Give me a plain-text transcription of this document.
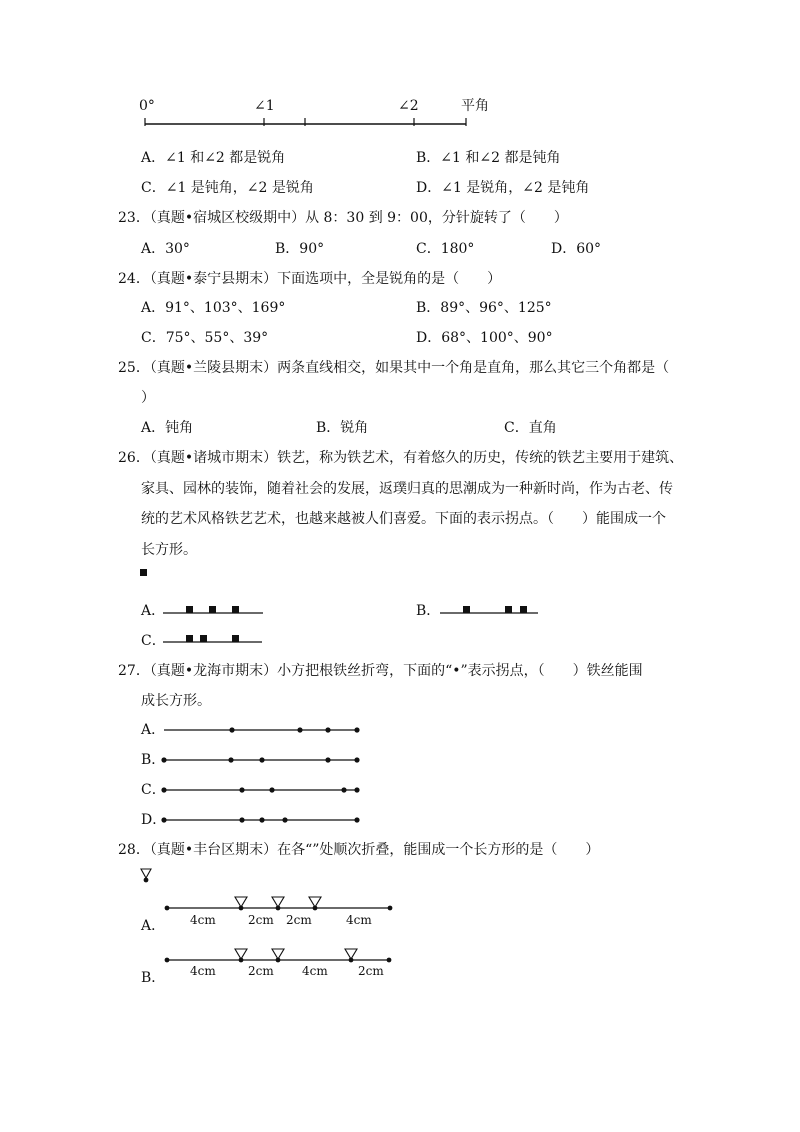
0°	∠1	∠2	平角
A．∠1 和∠2 都是锐角	B．∠1 和∠2 都是钝角
C．∠1 是钝角，∠2 是锐角	D．∠1 是锐角，∠2 是钝角
23．（真题•宿城区校级期中）从 8：30 到 9：00，分针旋转了（　　）
A．30°	B．90°	C．180°	D．60°
24．（真题•泰宁县期末）下面选项中，全是锐角的是（　　）
A．91°、103°、169°	B．89°、96°、125°
C．75°、55°、39°	D．68°、100°、90°
25．（真题•兰陵县期末）两条直线相交，如果其中一个角是直角，那么其它三个角都是（
）
A．钝角	B．锐角	C．直角
26．（真题•诸城市期末）铁艺，称为铁艺术，有着悠久的历史，传统的铁艺主要用于建筑、
家具、园林的装饰，随着社会的发展，返璞归真的思潮成为一种新时尚，作为古老、传
统的艺术风格铁艺艺术，也越来越被人们喜爱。下面的表示拐点。（　　）能围成一个
长方形。
A．	B．
C．
27．（真题•龙海市期末）小方把根铁丝折弯，下面的“•”表示拐点，（　　）铁丝能围
成长方形。
A．
B．
C．
D．
28．（真题•丰台区期末）在各“”处顺次折叠，能围成一个长方形的是（　　）
4cm	2cm 2cm	4cm
4cm	2cm 4cm	2cm
A．
B．
